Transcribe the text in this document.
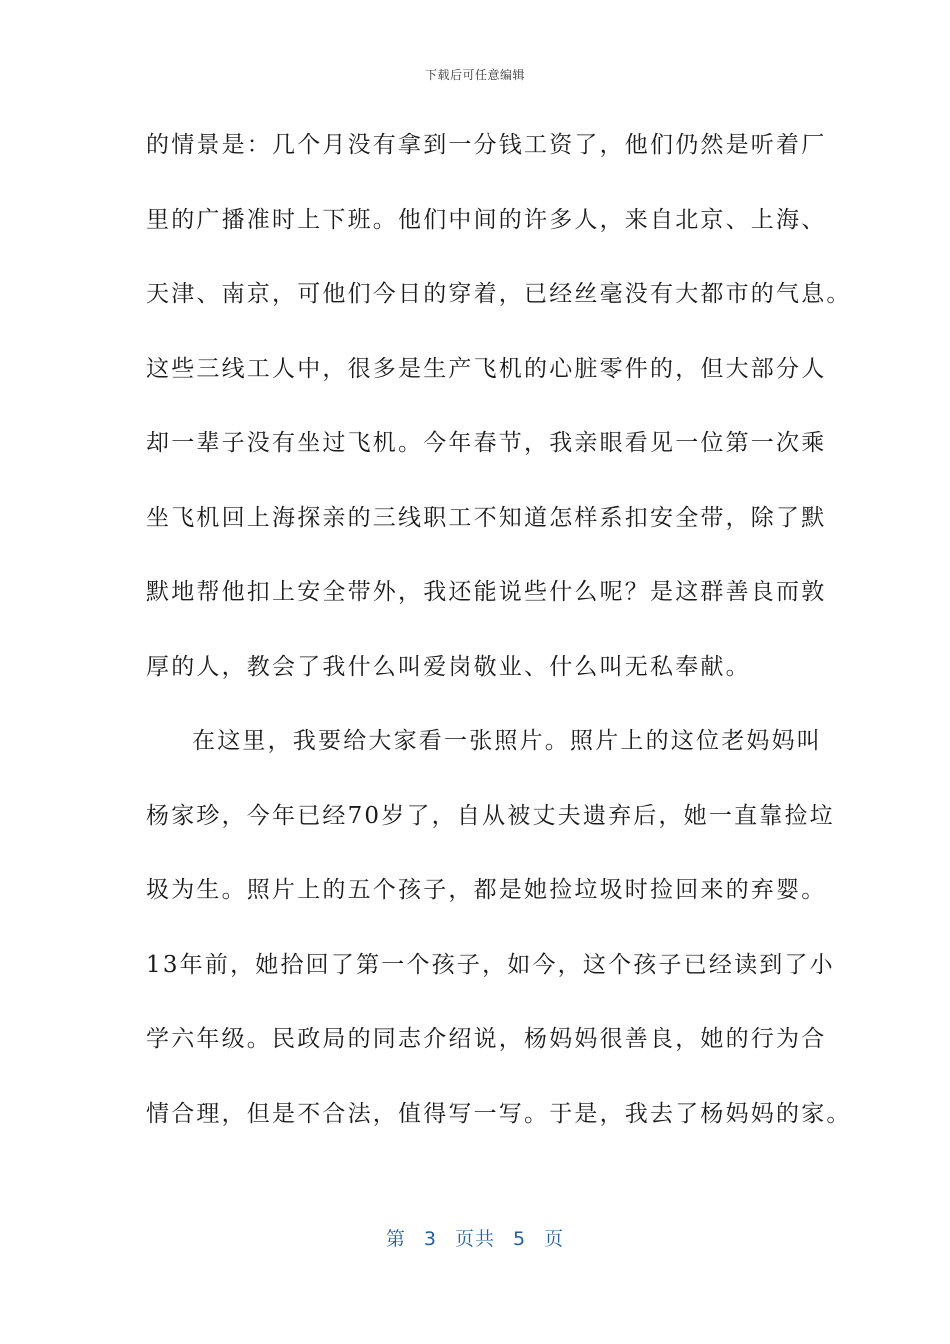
下载后可任意编辑
的情景是：几个月没有拿到一分钱工资了，他们仍然是听着厂
里的广播准时上下班。他们中间的许多人，来自北京、上海、
天津、南京，可他们今日的穿着，已经丝毫没有大都市的气息。
这些三线工人中，很多是生产飞机的心脏零件的，但大部分人
却一辈子没有坐过飞机。今年春节，我亲眼看见一位第一次乘
坐飞机回上海探亲的三线职工不知道怎样系扣安全带，除了默
默地帮他扣上安全带外，我还能说些什么呢？是这群善良而敦
厚的人，教会了我什么叫爱岗敬业、什么叫无私奉献。
在这里，我要给大家看一张照片。照片上的这位老妈妈叫
杨家珍，今年已经70岁了，自从被丈夫遗弃后，她一直靠捡垃
圾为生。照片上的五个孩子，都是她捡垃圾时捡回来的弃婴。
13年前，她拾回了第一个孩子，如今，这个孩子已经读到了小
学六年级。民政局的同志介绍说，杨妈妈很善良，她的行为合
情合理，但是不合法，值得写一写。于是，我去了杨妈妈的家。
第 3 页共 5 页
